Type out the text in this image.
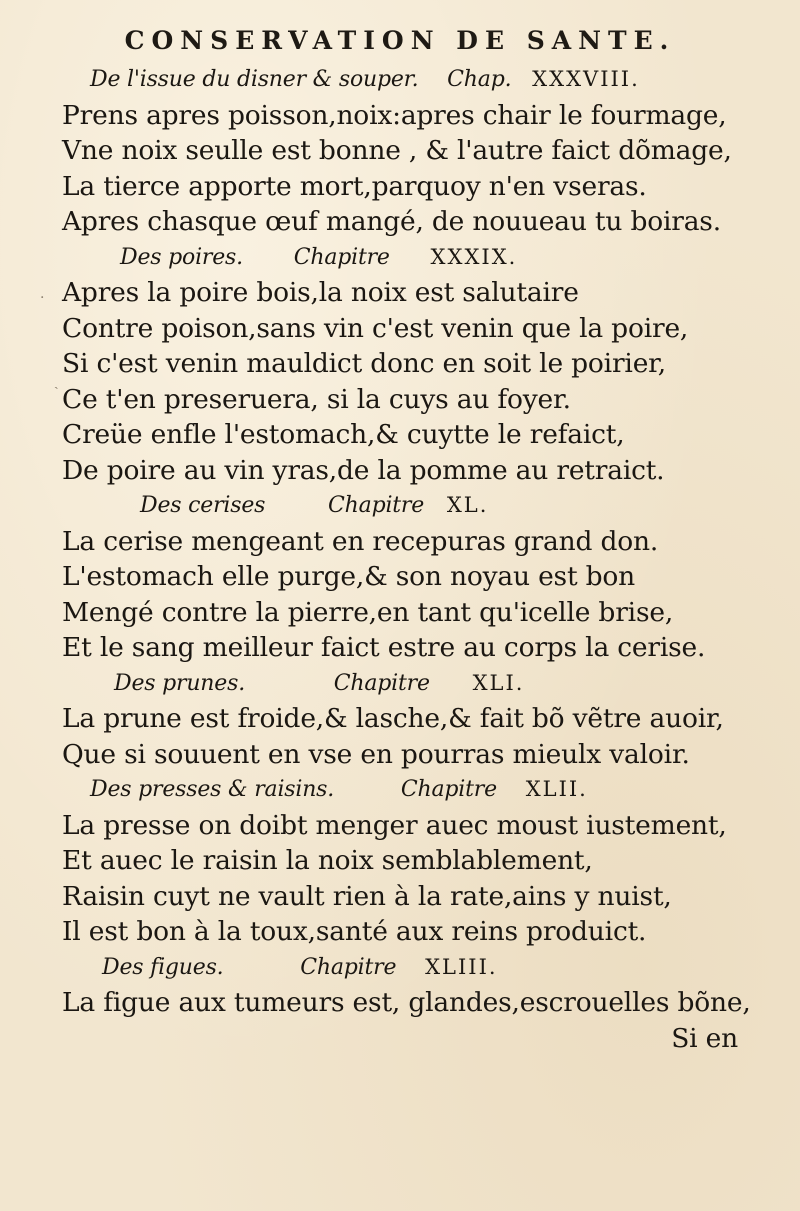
CONSERVATION DE SANTE.
De l'issue du disner & souper. Chap. XXXVIII.
Prens apres poisson,noix:apres chair le fourmage,
Vne noix seulle est bonne , & l'autre faict dõmage,
La tierce apporte mort,parquoy n'en vseras.
Apres chasque œuf mangé, de nouueau tu boiras.
Des poires. Chapitre XXXIX.
Apres la poire bois,la noix est salutaire
Contre poison,sans vin c'est venin que la poire,
Si c'est venin mauldict donc en soit le poirier,
Ce t'en preseruera, si la cuys au foyer.
Creüe enfle l'estomach,& cuytte le refaict,
De poire au vin yras,de la pomme au retraict.
Des cerises	Chapitre XL.
La cerise mengeant en recepuras grand don.
L'estomach elle purge,& son noyau est bon
Mengé contre la pierre,en tant qu'icelle brise,
Et le sang meilleur faict estre au corps la cerise.
Des prunes.	Chapitre XLI.
La prune est froide,& lasche,& fait bõ vẽtre auoir,
Que si souuent en vse en pourras mieulx valoir.
Des presses & raisins.	Chapitre XLII.
La presse on doibt menger auec moust iustement,
Et auec le raisin la noix semblablement,
Raisin cuyt ne vault rien à la rate,ains y nuist,
Il est bon à la toux,santé aux reins produict.
Des figues.	Chapitre XLIII.
La figue aux tumeurs est, glandes,escrouelles bõne,
Si en
·
ˎ
